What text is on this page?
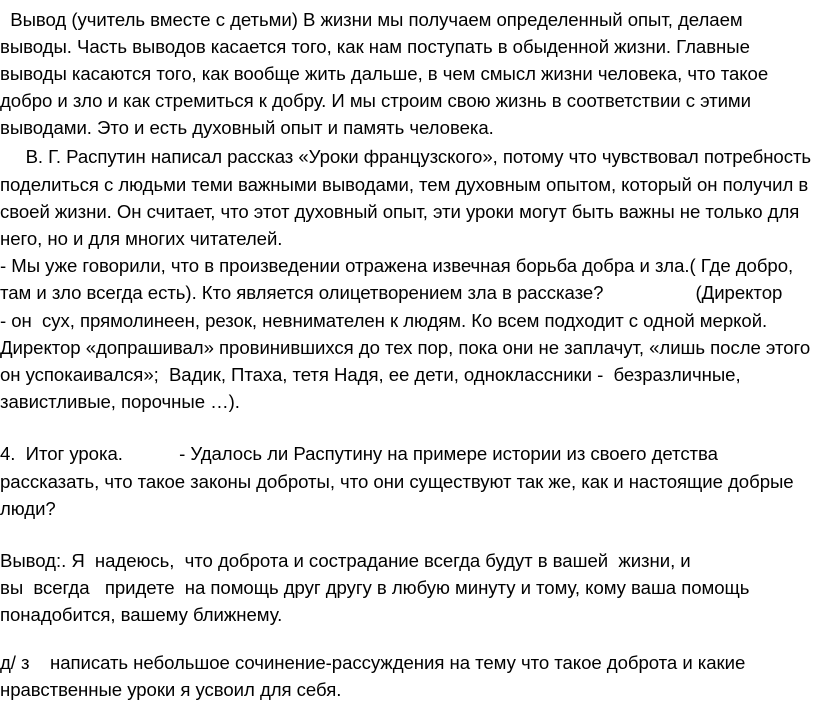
Вывод (учитель вместе с детьми) В жизни мы получаем определенный опыт, делаем
выводы. Часть выводов касается того, как нам поступать в обыденной жизни. Главные
выводы касаются того, как вообще жить дальше, в чем смысл жизни человека, что такое
добро и зло и как стремиться к добру. И мы строим свою жизнь в соответствии с этими
выводами. Это и есть духовный опыт и память человека.
В. Г. Распутин написал рассказ «Уроки французского», потому что чувствовал потребность
поделиться с людьми теми важными выводами, тем духовным опытом, который он получил в
своей жизни. Он считает, что этот духовный опыт, эти уроки могут быть важны не только для
него, но и для многих читателей.
- Мы уже говорили, что в произведении отражена извечная борьба добра и зла.( Где добро,
там и зло всегда есть). Кто является олицетворением зла в рассказе?                  (Директор
- он  сух, прямолинеен, резок, невнимателен к людям. Ко всем подходит с одной меркой.
Директор «допрашивал» провинившихся до тех пор, пока они не заплачут, «лишь после этого
он успокаивался»;  Вадик, Птаха, тетя Надя, ее дети, одноклассники -  безразличные,
завистливые, порочные …).
4.  Итог урока.           - Удалось ли Распутину на примере истории из своего детства
рассказать, что такое законы доброты, что они существуют так же, как и настоящие добрые
люди?
Вывод:. Я  надеюсь,  что доброта и сострадание всегда будут в вашей  жизни, и
вы  всегда   придете  на помощь друг другу в любую минуту и тому, кому ваша помощь
понадобится, вашему ближнему.
д/ з    написать небольшое сочинение-рассуждения на тему что такое доброта и какие
нравственные уроки я усвоил для себя.
